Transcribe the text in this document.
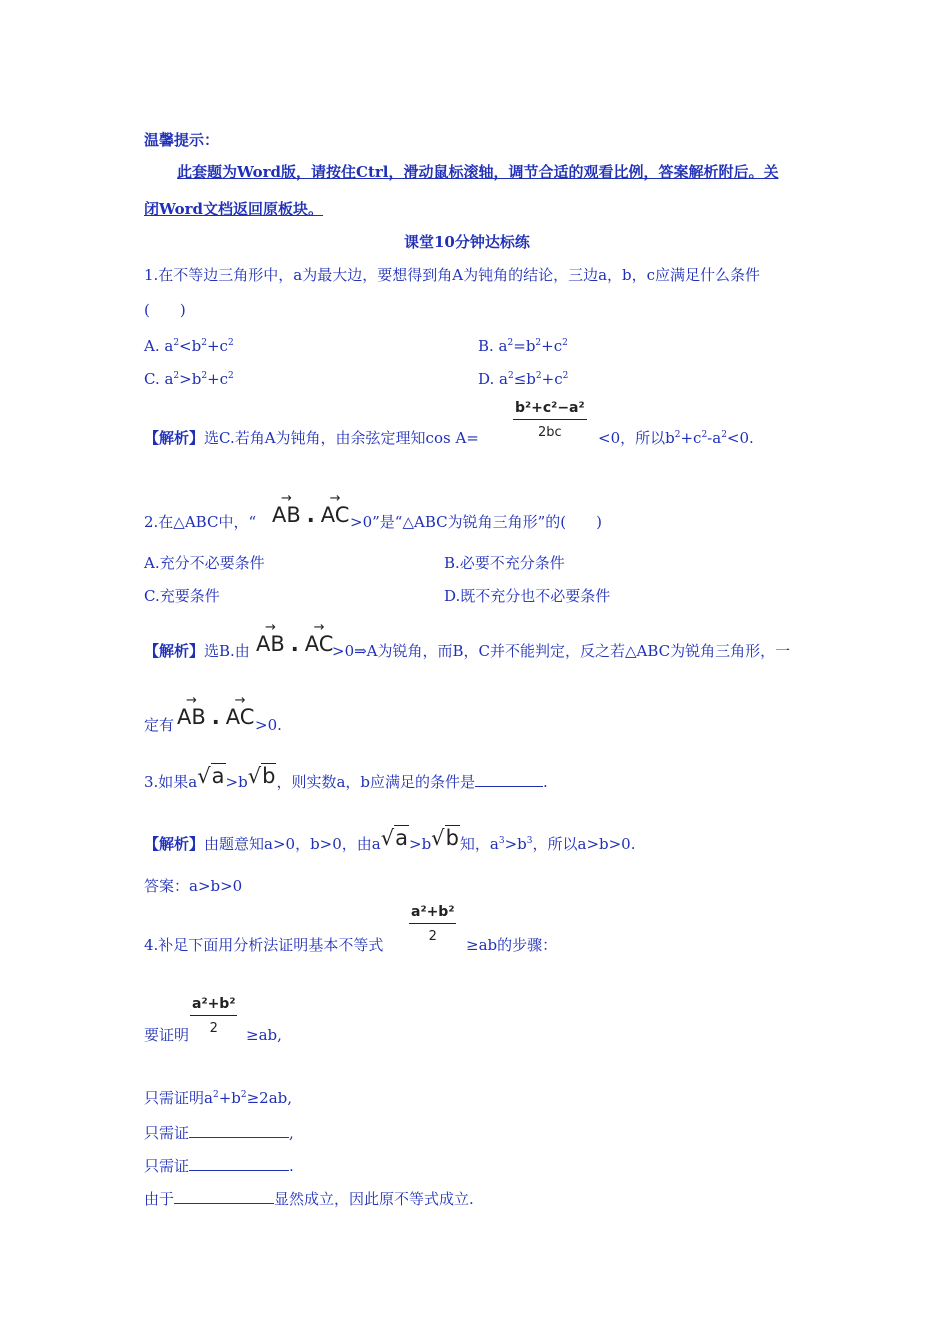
温馨提示：
此套题为Word版，请按住Ctrl，滑动鼠标滚轴，调节合适的观看比例，答案解析附后。关
闭Word文档返回原板块。
课堂10分钟达标练
1.在不等边三角形中，a为最大边，要想得到角A为钝角的结论，三边a，b，c应满足什么条件
(　　)
A. $a^2<b^2+c^2$	B. $a^2=b^2+c^2$
C. $a^2>b^2+c^2$	D. $a^2\le b^2+c^2$
$\frac{\text{b²+c²−a²}}{2bc}$
【解析】选C.若角A为钝角，由余弦定理知cos A=	<0，所以$b^2+c^2-a^2<0$.
2.在△ABC中，“ → AB . → AC >0”是“△ABC为锐角三角形”的(　　)
A.充分不必要条件	B.必要不充分条件
C.充要条件	D.既不充分也不必要条件
【解析】选B.由 → AB . → AC
>0⇒A为锐角，而B，C并不能判定，反之若△ABC为锐角三角形，一
定有 → AB . → AC >0.
3.如果a√a>b√b，则实数a，b应满足的条件是	.
【解析】由题意知a>0，b>0，由a√a>b√b知，$a^3>b^3$，所以a>b>0.
答案：a>b>0
$\frac{\text{a²+b²}}{2}$
4.补足下面用分析法证明基本不等式	≥ab的步骤：
$\frac{\text{a²+b²}}{2}$
要证明	≥ab,
只需证明$a^2+b^2\ge 2ab$,
只需证	,
只需证	.
由于	显然成立，因此原不等式成立.
